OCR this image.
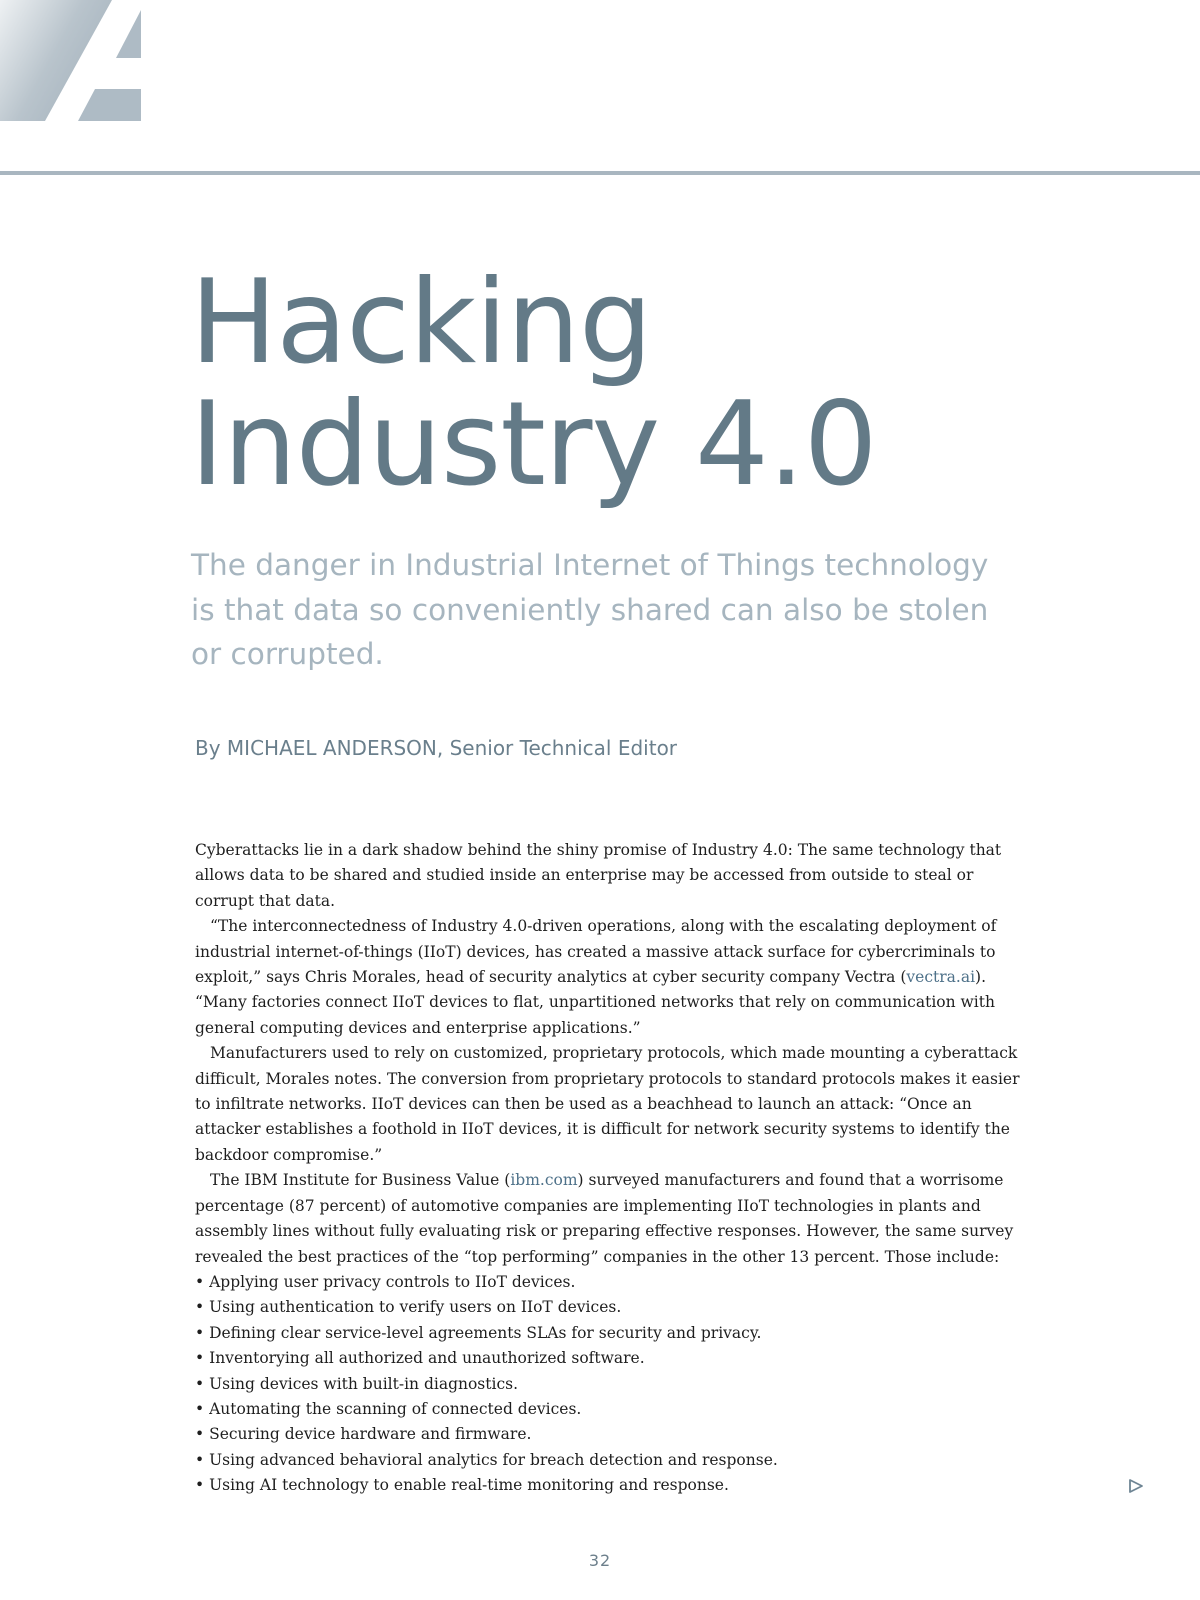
Hacking
Industry 4.0

The danger in Industrial Internet of Things technology is that data so conveniently shared can also be stolen or corrupted.

By MICHAEL ANDERSON, Senior Technical Editor

Cyberattacks lie in a dark shadow behind the shiny promise of Industry 4.0: The same technology that allows data to be shared and studied inside an enterprise may be accessed from outside to steal or corrupt that data.

“The interconnectedness of Industry 4.0-driven operations, along with the escalating deployment of industrial internet-of-things (IIoT) devices, has created a massive attack surface for cybercriminals to exploit,” says Chris Morales, head of security analytics at cyber security company Vectra (vectra.ai). “Many factories connect IIoT devices to flat, unpartitioned networks that rely on communication with general computing devices and enterprise applications.”

Manufacturers used to rely on customized, proprietary protocols, which made mounting a cyberattack difficult, Morales notes. The conversion from proprietary protocols to standard protocols makes it easier to infiltrate networks. IIoT devices can then be used as a beachhead to launch an attack: “Once an attacker establishes a foothold in IIoT devices, it is difficult for network security systems to identify the backdoor compromise.”

The IBM Institute for Business Value (ibm.com) surveyed manufacturers and found that a worrisome percentage (87 percent) of automotive companies are implementing IIoT technologies in plants and assembly lines without fully evaluating risk or preparing effective responses. However, the same survey revealed the best practices of the “top performing” companies in the other 13 percent. Those include:

• Applying user privacy controls to IIoT devices.
• Using authentication to verify users on IIoT devices.
• Defining clear service-level agreements SLAs for security and privacy.
• Inventorying all authorized and unauthorized software.
• Using devices with built-in diagnostics.
• Automating the scanning of connected devices.
• Securing device hardware and firmware.
• Using advanced behavioral analytics for breach detection and response.
• Using AI technology to enable real-time monitoring and response.
32
